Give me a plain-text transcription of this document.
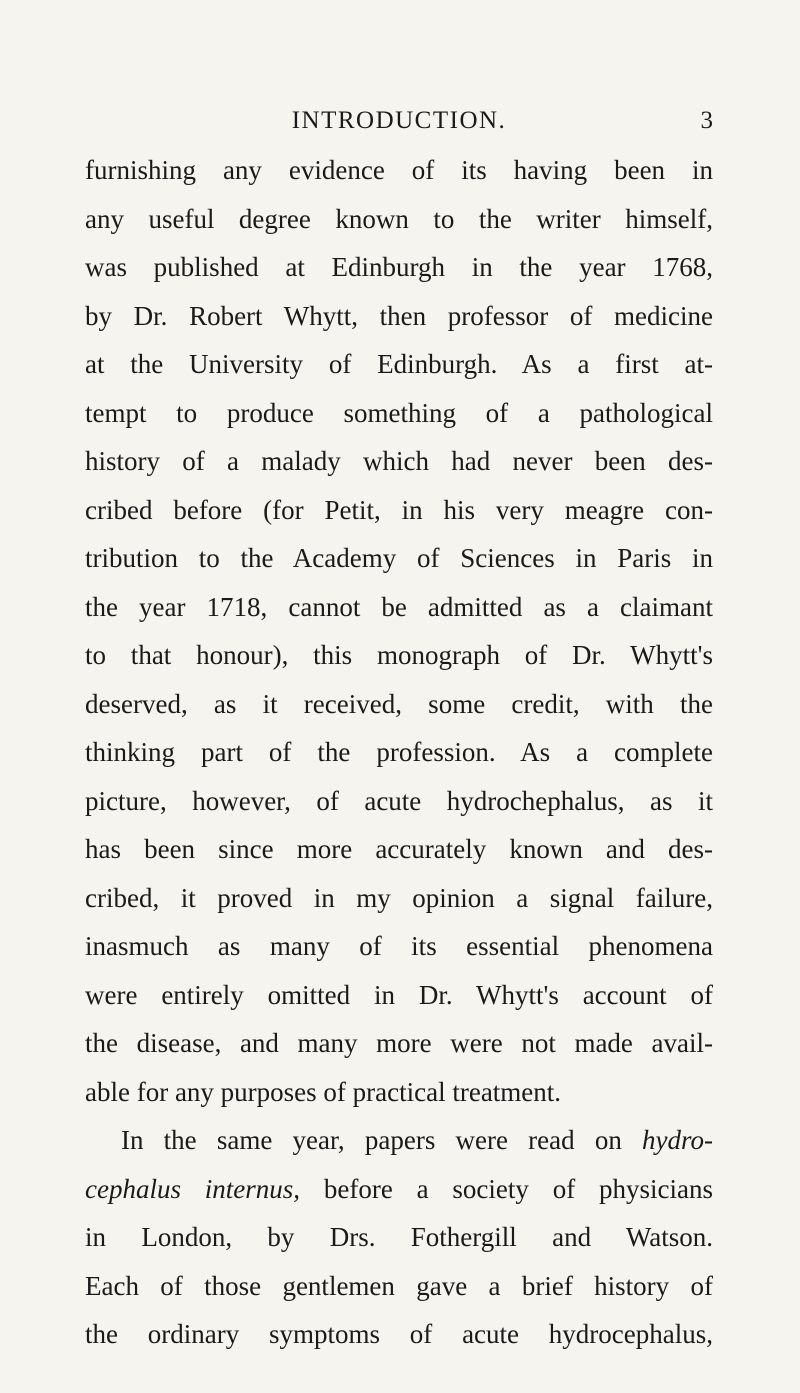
INTRODUCTION.	3
furnishing any evidence of its having been in
any useful degree known to the writer himself,
was published at Edinburgh in the year 1768,
by Dr. Robert Whytt, then professor of medicine
at the University of Edinburgh. As a first at-
tempt to produce something of a pathological
history of a malady which had never been des-
cribed before (for Petit, in his very meagre con-
tribution to the Academy of Sciences in Paris in
the year 1718, cannot be admitted as a claimant
to that honour), this monograph of Dr. Whytt's
deserved, as it received, some credit, with the
thinking part of the profession. As a complete
picture, however, of acute hydrochephalus, as it
has been since more accurately known and des-
cribed, it proved in my opinion a signal failure,
inasmuch as many of its essential phenomena
were entirely omitted in Dr. Whytt's account of
the disease, and many more were not made avail-
able for any purposes of practical treatment.
In the same year, papers were read on hydro-
cephalus internus, before a society of physicians
in London, by Drs. Fothergill and Watson.
Each of those gentlemen gave a brief history of
the ordinary symptoms of acute hydrocephalus,
